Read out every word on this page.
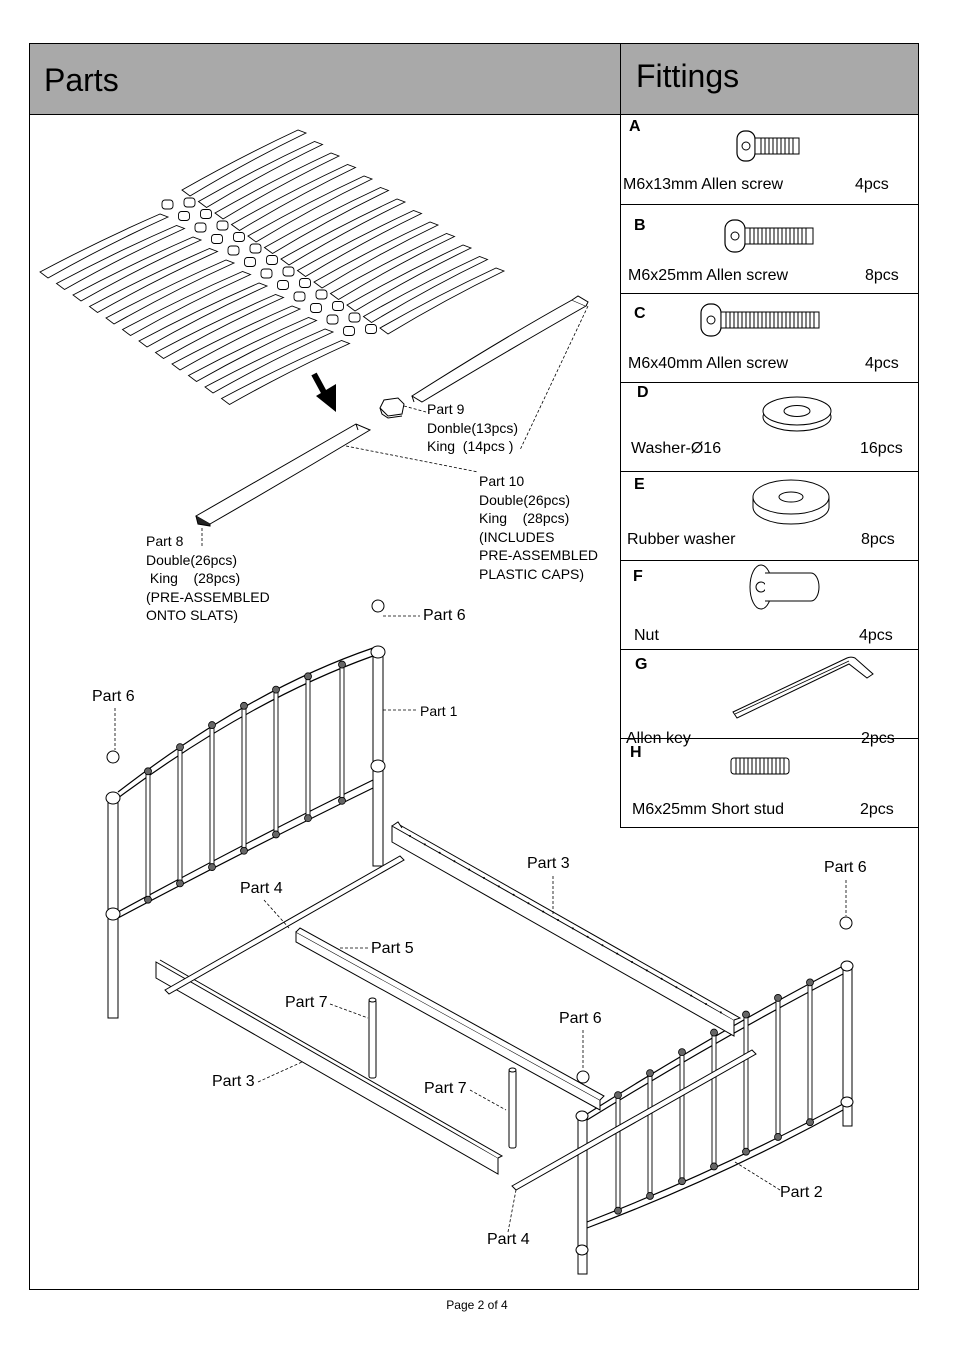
Parts	Fittings
A
M6x13mm Allen screw	4pcs
B
M6x25mm Allen screw	8pcs
C
M6x40mm Allen screw	4pcs
D
Washer-Ø16	16pcs
E
Rubber washer	8pcs
F
Nut	4pcs
G
Allen key	2pcs
H
M6x25mm Short stud	2pcs
Part 9
Donble(13pcs)
King  (14pcs )
Part 10
Double(26pcs)
King    (28pcs)
(INCLUDES
PRE-ASSEMBLED
PLASTIC CAPS)
Part 8
Double(26pcs)
King    (28pcs)
(PRE-ASSEMBLED
ONTO SLATS)	Part 6
Part 1
Part 6
Part 6
Part 6
Part 3
Part 4
Part 5
Part 7
Part 7
Part 3
Part 2
Part 4
Page 2 of 4
